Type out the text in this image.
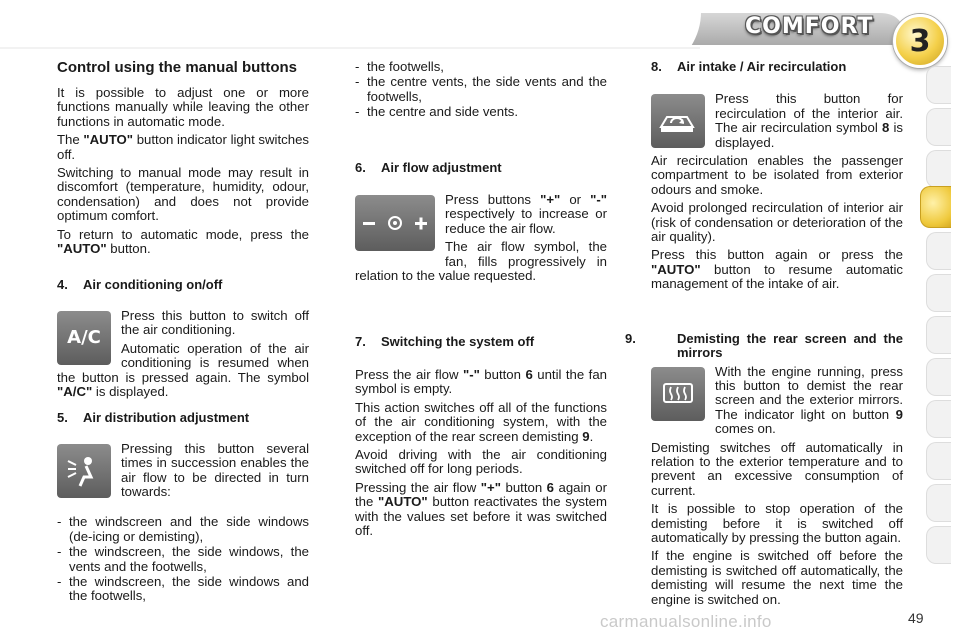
COMFORT 3
Control using the manual buttons

It is possible to adjust one or more functions manually while leaving the other functions in automatic mode.

The "AUTO" button indicator light switches off.

Switching to manual mode may result in discomfort (temperature, humidity, odour, condensation) and does not provide optimum comfort.

To return to automatic mode, press the "AUTO" button.

4. Air conditioning on/off

A/C

Press this button to switch off the air conditioning.

Automatic operation of the air conditioning is resumed when the button is pressed again. The symbol "A/C" is displayed.

5. Air distribution adjustment

Pressing this button several times in succession enables the air flow to be directed in turn towards:

- the windscreen and the side windows (de-icing or demisting),
- the windscreen, the side windows, the vents and the footwells,
- the windscreen, the side windows and the footwells,
- the footwells,
- the centre vents, the side vents and the footwells,
- the centre and side vents.

6. Air flow adjustment

Press buttons "+" or "-" respectively to increase or reduce the air flow.

The air flow symbol, the fan, fills progressively in relation to the value requested.

7. Switching the system off

Press the air flow "-" button 6 until the fan symbol is empty.

This action switches off all of the functions of the air conditioning system, with the exception of the rear screen demisting 9.

Avoid driving with the air conditioning switched off for long periods.

Pressing the air flow "+" button 6 again or the "AUTO" button reactivates the system with the values set before it was switched off.

8. Air intake / Air recirculation

Press this button for recirculation of the interior air. The air recirculation symbol 8 is displayed.

Air recirculation enables the passenger compartment to be isolated from exterior odours and smoke.

Avoid prolonged recirculation of interior air (risk of condensation or deterioration of the air quality).

Press this button again or press the "AUTO" button to resume automatic management of the intake of air.

9.	Demisting the rear screen and the mirrors

With the engine running, press this button to demist the rear screen and the exterior mirrors. The indicator light on button 9 comes on.

Demisting switches off automatically in relation to the exterior temperature and to prevent an excessive consumption of current.

It is possible to stop operation of the demisting before it is switched off automatically by pressing the button again.

If the engine is switched off before the demisting is switched off automatically, the demisting will resume the next time the engine is switched on.

carmanualsonline.info	49
